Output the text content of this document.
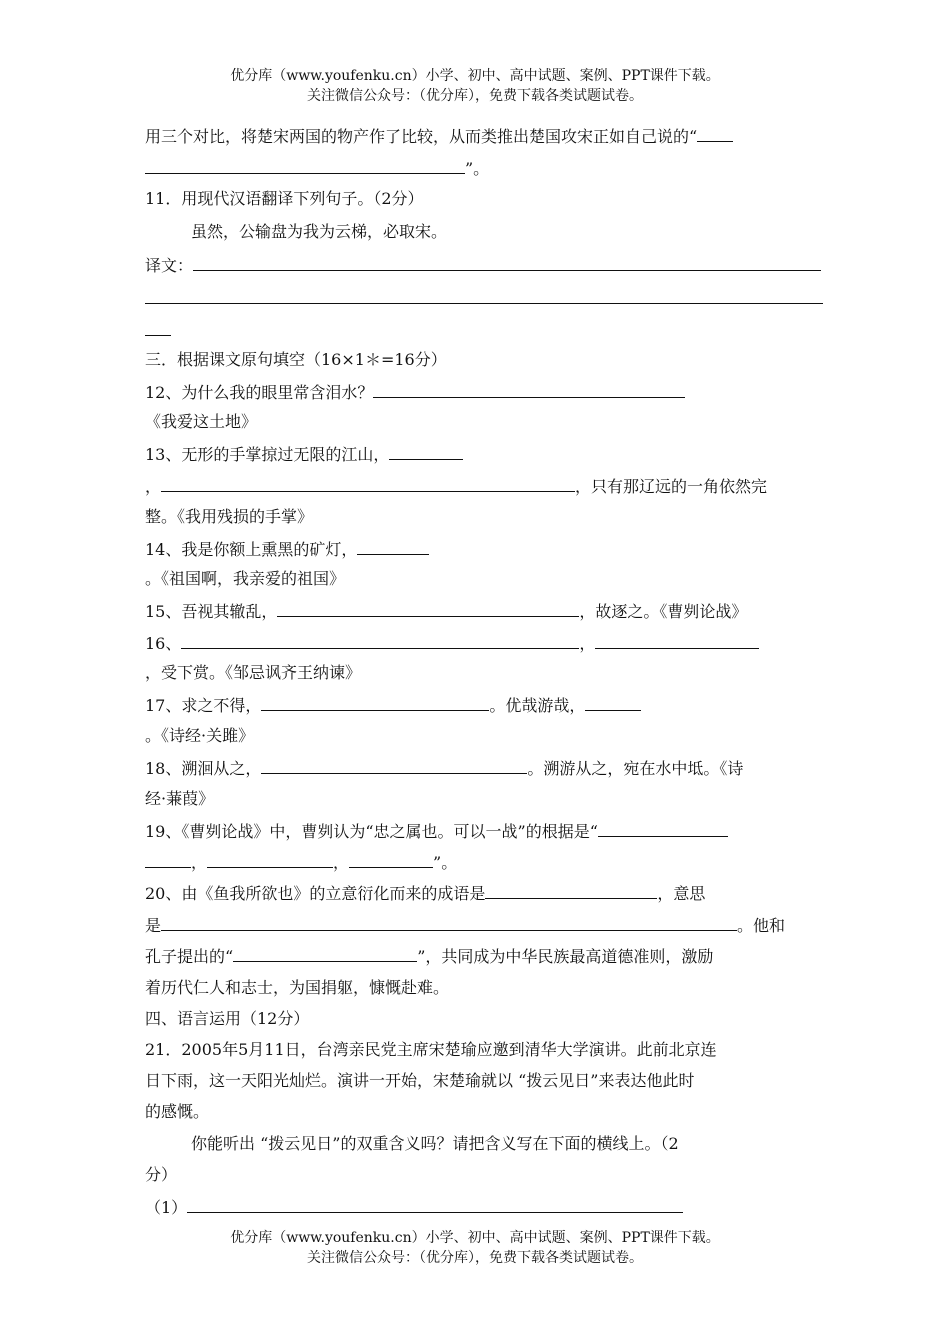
优分库（www.youfenku.cn）小学、初中、高中试题、案例、PPT课件下载。
关注微信公众号：（优分库），免费下载各类试题试卷。
用三个对比，将楚宋两国的物产作了比较，从而类推出楚国攻宋正如自己说的“
”。
11．用现代汉语翻译下列句子。（2分）
虽然，公输盘为我为云梯，必取宋。
译文：
三．根据课文原句填空（16×1＊=16分）
12、为什么我的眼里常含泪水？
《我爱这土地》
13、无形的手掌掠过无限的江山，
，	，只有那辽远的一角依然完
整。《我用残损的手掌》
14、我是你额上熏黑的矿灯，
。《祖国啊，我亲爱的祖国》
15、吾视其辙乱，	，故逐之。《曹刿论战》
16、	，
，受下赏。《邹忌讽齐王纳谏》
17、求之不得，	。优哉游哉，
。《诗经·关雎》
18、溯洄从之，	。溯游从之，宛在水中坻。《诗
经·蒹葭》
19、《曹刿论战》中，曹刿认为“忠之属也。可以一战”的根据是“
，	，	”。
20、由《鱼我所欲也》的立意衍化而来的成语是	，意思
是	。他和
孔子提出的“	”，共同成为中华民族最高道德准则，激励
着历代仁人和志士，为国捐躯，慷慨赴难。
四、语言运用（12分）
21．2005年5月11日，台湾亲民党主席宋楚瑜应邀到清华大学演讲。此前北京连
日下雨，这一天阳光灿烂。演讲一开始，宋楚瑜就以 “拨云见日”来表达他此时
的感慨。
你能听出 “拨云见日”的双重含义吗？请把含义写在下面的横线上。（2
分）
（1）
优分库（www.youfenku.cn）小学、初中、高中试题、案例、PPT课件下载。
关注微信公众号：（优分库），免费下载各类试题试卷。
